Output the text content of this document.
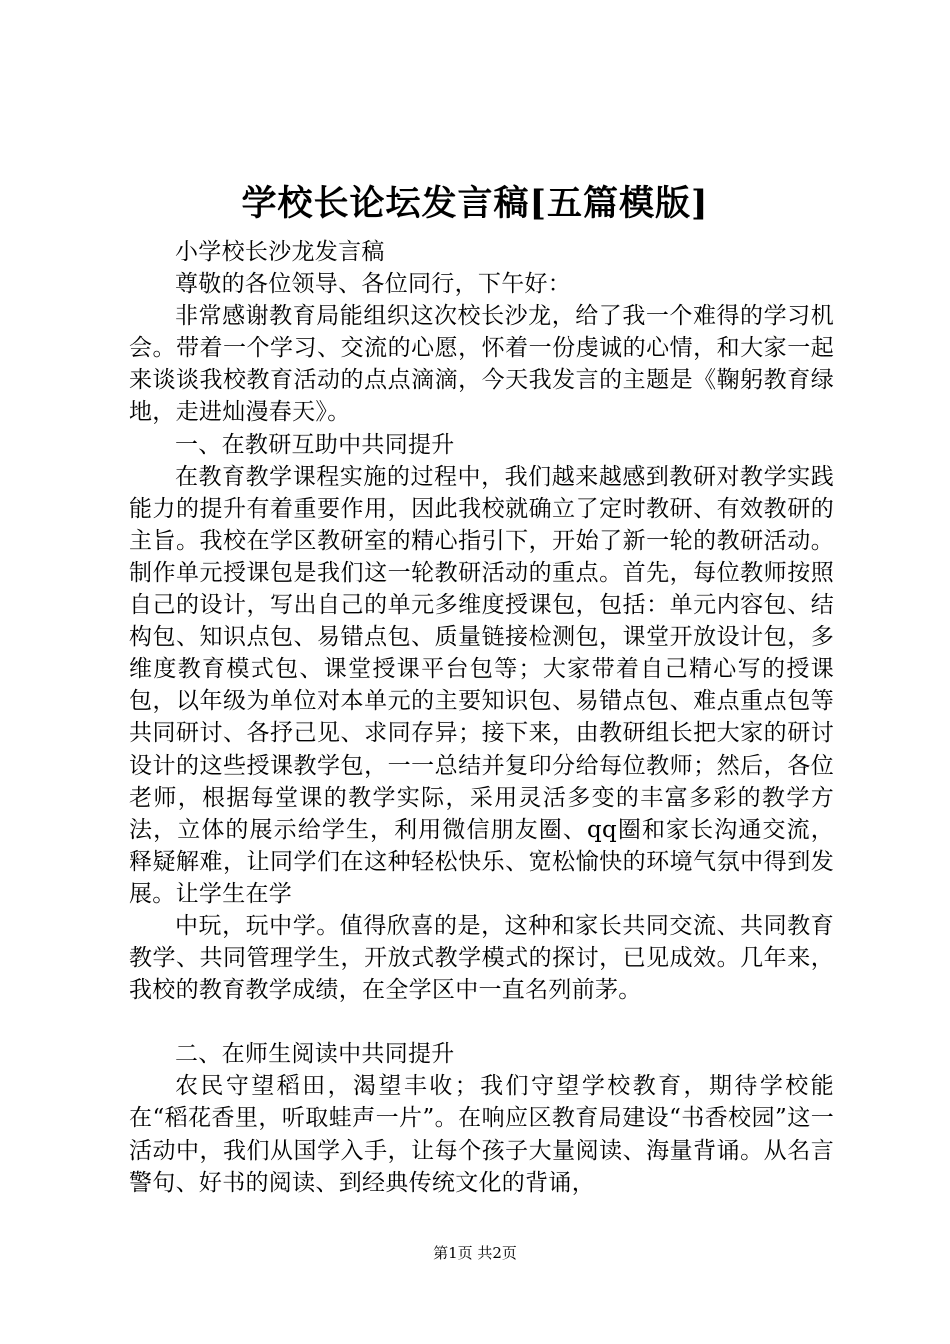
学校长论坛发言稿[五篇模版]

小学校长沙龙发言稿

尊敬的各位领导、各位同行，下午好：

非常感谢教育局能组织这次校长沙龙，给了我一个难得的学习机会。带着一个学习、交流的心愿，怀着一份虔诚的心情，和大家一起来谈谈我校教育活动的点点滴滴，今天我发言的主题是《鞠躬教育绿地，走进灿漫春天》。

一、在教研互助中共同提升

在教育教学课程实施的过程中，我们越来越感到教研对教学实践能力的提升有着重要作用，因此我校就确立了定时教研、有效教研的主旨。我校在学区教研室的精心指引下，开始了新一轮的教研活动。制作单元授课包是我们这一轮教研活动的重点。首先，每位教师按照自己的设计，写出自己的单元多维度授课包，包括：单元内容包、结构包、知识点包、易错点包、质量链接检测包，课堂开放设计包，多维度教育模式包、课堂授课平台包等；大家带着自己精心写的授课包，以年级为单位对本单元的主要知识包、易错点包、难点重点包等共同研讨、各抒己见、求同存异；接下来，由教研组长把大家的研讨设计的这些授课教学包，一一总结并复印分给每位教师；然后，各位老师，根据每堂课的教学实际，采用灵活多变的丰富多彩的教学方法，立体的展示给学生，利用微信朋友圈、qq圈和家长沟通交流，释疑解难，让同学们在这种轻松快乐、宽松愉快的环境气氛中得到发展。让学生在学

中玩，玩中学。值得欣喜的是，这种和家长共同交流、共同教育教学、共同管理学生，开放式教学模式的探讨，已见成效。几年来，我校的教育教学成绩，在全学区中一直名列前茅。

二、在师生阅读中共同提升

农民守望稻田，渴望丰收；我们守望学校教育，期待学校能在“稻花香里，听取蛙声一片”。在响应区教育局建设“书香校园”这一活动中，我们从国学入手，让每个孩子大量阅读、海量背诵。从名言警句、好书的阅读、到经典传统文化的背诵，

第1页 共2页
